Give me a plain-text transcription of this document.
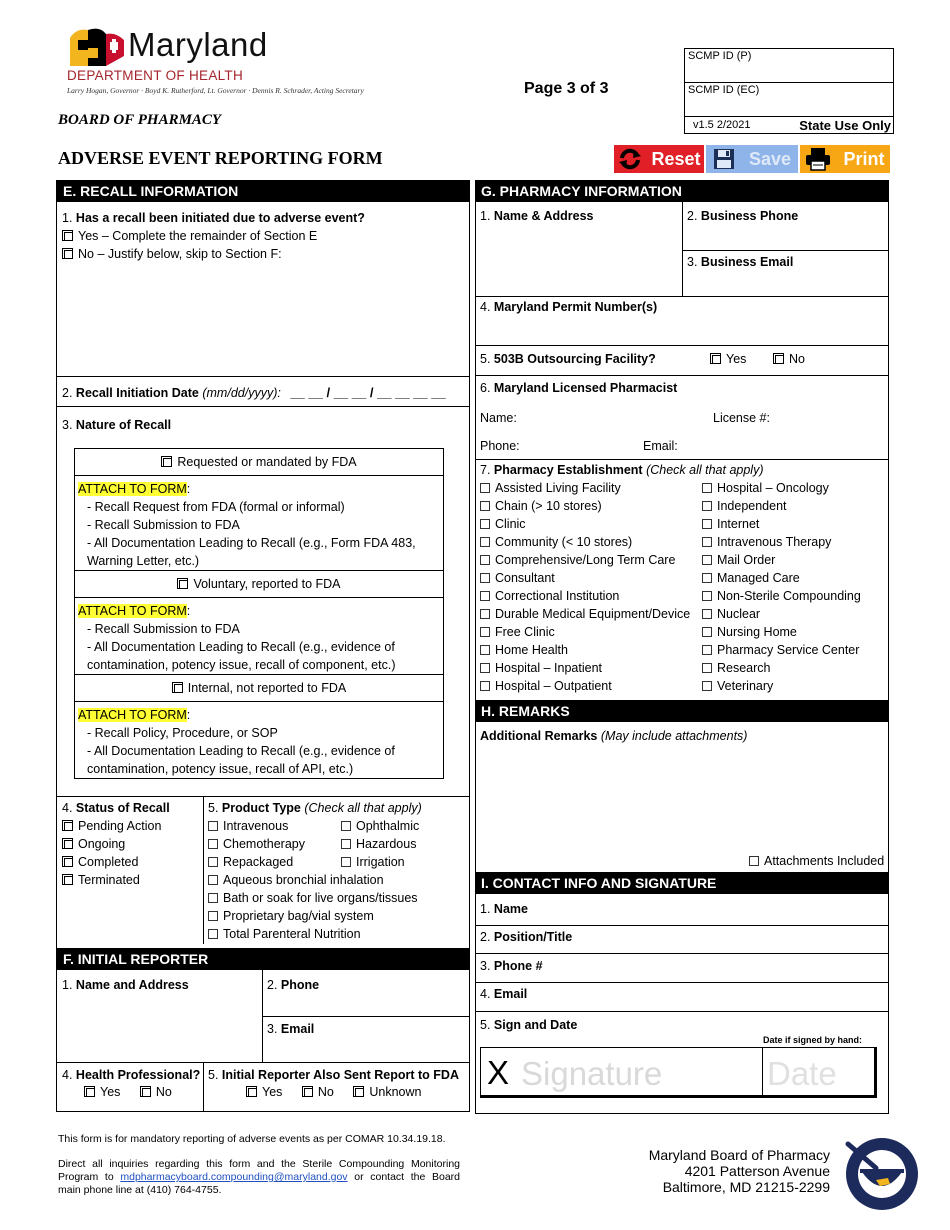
Maryland
DEPARTMENT OF HEALTH
Larry Hogan, Governor · Boyd K. Rutherford, Lt. Governor · Dennis R. Schrader, Acting Secretary
BOARD OF PHARMACY
Page 3 of 3
ADVERSE EVENT REPORTING FORM
SCMP ID (P)
SCMP ID (EC)
v1.5 2/2021	State Use Only
Reset	Save	Print
E. RECALL INFORMATION
1. Has a recall been initiated due to adverse event?
Yes – Complete the remainder of Section E
No – Justify below, skip to Section F:
2. Recall Initiation Date (mm/dd/yyyy): __ __ / __ __ / __ __ __ __
3. Nature of Recall
Requested or mandated by FDA
ATTACH TO FORM:
- Recall Request from FDA (formal or informal)
- Recall Submission to FDA
- All Documentation Leading to Recall (e.g., Form FDA 483,
Warning Letter, etc.)
Voluntary, reported to FDA
ATTACH TO FORM:
- Recall Submission to FDA
- All Documentation Leading to Recall (e.g., evidence of
contamination, potency issue, recall of component, etc.)
Internal, not reported to FDA
ATTACH TO FORM:
- Recall Policy, Procedure, or SOP
- All Documentation Leading to Recall (e.g., evidence of
contamination, potency issue, recall of API, etc.)
4. Status of Recall
Pending Action
Ongoing
Completed
Terminated
5. Product Type (Check all that apply)
Intravenous
Chemotherapy
Repackaged
Ophthalmic
Hazardous
Irrigation
Aqueous bronchial inhalation
Bath or soak for live organs/tissues
Proprietary bag/vial system
Total Parenteral Nutrition
F. INITIAL REPORTER
1. Name and Address	2. Phone
3. Email
4. Health Professional?
Yes	No
5. Initial Reporter Also Sent Report to FDA
Yes	No	Unknown
G. PHARMACY INFORMATION
1. Name & Address	2. Business Phone
3. Business Email
4. Maryland Permit Number(s)
5. 503B Outsourcing Facility?	Yes	No
6. Maryland Licensed Pharmacist
Name:	License #:
Phone:	Email:
7. Pharmacy Establishment (Check all that apply)
Assisted Living Facility
Chain (> 10 stores)
Clinic
Community (< 10 stores)
Comprehensive/Long Term Care
Consultant
Correctional Institution
Durable Medical Equipment/Device
Free Clinic
Home Health
Hospital – Inpatient
Hospital – Outpatient
Hospital – Oncology
Independent
Internet
Intravenous Therapy
Mail Order
Managed Care
Non-Sterile Compounding
Nuclear
Nursing Home
Pharmacy Service Center
Research
Veterinary
H. REMARKS
Additional Remarks (May include attachments)
Attachments Included
I. CONTACT INFO AND SIGNATURE
1. Name
2. Position/Title
3. Phone #
4. Email
5. Sign and Date
Date if signed by hand:
X Signature	Date
This form is for mandatory reporting of adverse events as per COMAR 10.34.19.18.
Direct all inquiries regarding this form and the Sterile Compounding Monitoring Program to mdpharmacyboard.compounding@maryland.gov or contact the Board main phone line at (410) 764-4755.
Maryland Board of Pharmacy
4201 Patterson Avenue
Baltimore, MD 21215-2299
